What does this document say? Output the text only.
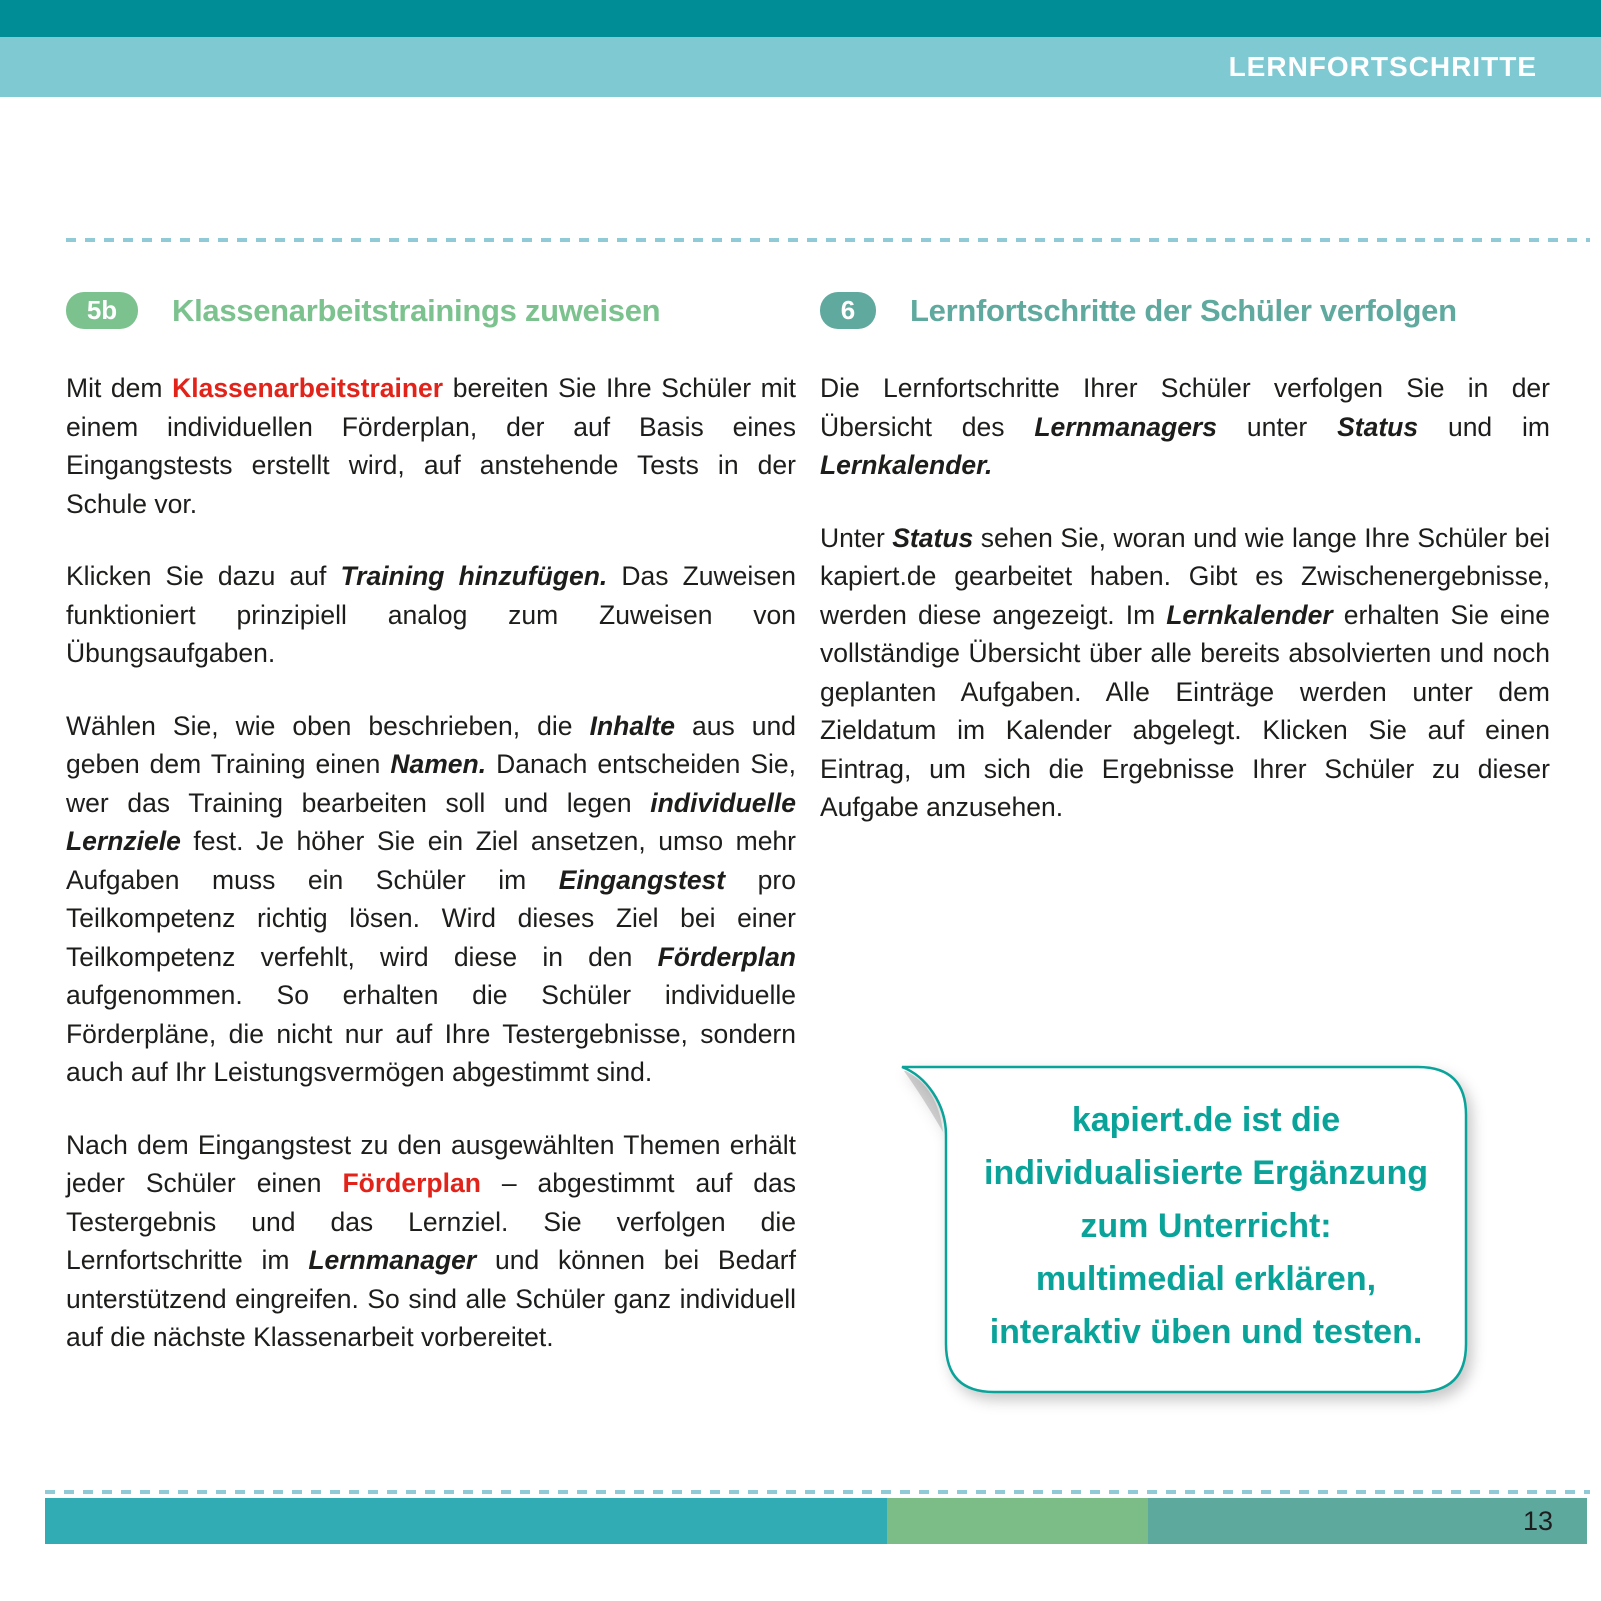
LERNFORTSCHRITTE
5b	Klassenarbeitstrainings zuweisen

Mit dem Klassenarbeitstrainer bereiten Sie Ihre Schüler mit einem individuellen Förderplan, der auf Basis eines Eingangstests erstellt wird, auf anstehende Tests in der Schule vor.

Klicken Sie dazu auf Training hinzufügen. Das Zuweisen funktioniert prinzipiell analog zum Zuweisen von Übungsaufgaben.

Wählen Sie, wie oben beschrieben, die Inhalte aus und geben dem Training einen Namen. Danach entscheiden Sie, wer das Training bearbeiten soll und legen individuelle Lernziele fest. Je höher Sie ein Ziel ansetzen, umso mehr Aufgaben muss ein Schüler im Eingangstest pro Teilkompetenz richtig lösen. Wird dieses Ziel bei einer Teilkompetenz verfehlt, wird diese in den Förderplan aufgenommen. So erhalten die Schüler individuelle Förderpläne, die nicht nur auf Ihre Testergebnisse, sondern auch auf Ihr Leistungsvermögen abgestimmt sind.

Nach dem Eingangstest zu den ausgewählten Themen erhält jeder Schüler einen Förderplan – abgestimmt auf das Testergebnis und das Lernziel. Sie verfolgen die Lernfortschritte im Lernmanager und können bei Bedarf unterstützend eingreifen. So sind alle Schüler ganz individuell auf die nächste Klassenarbeit vorbereitet.

6	Lernfortschritte der Schüler verfolgen

Die Lernfortschritte Ihrer Schüler verfolgen Sie in der Übersicht des Lernmanagers unter Status und im Lernkalender.

Unter Status sehen Sie, woran und wie lange Ihre Schüler bei kapiert.de gearbeitet haben. Gibt es Zwischenergebnisse, werden diese angezeigt. Im Lernkalender erhalten Sie eine vollständige Übersicht über alle bereits absolvierten und noch geplanten Aufgaben. Alle Einträge werden unter dem Zieldatum im Kalender abgelegt. Klicken Sie auf einen Eintrag, um sich die Ergebnisse Ihrer Schüler zu dieser Aufgabe anzusehen.

kapiert.de ist die
individualisierte Ergänzung
zum Unterricht:
multimedial erklären,
interaktiv üben und testen.
13
